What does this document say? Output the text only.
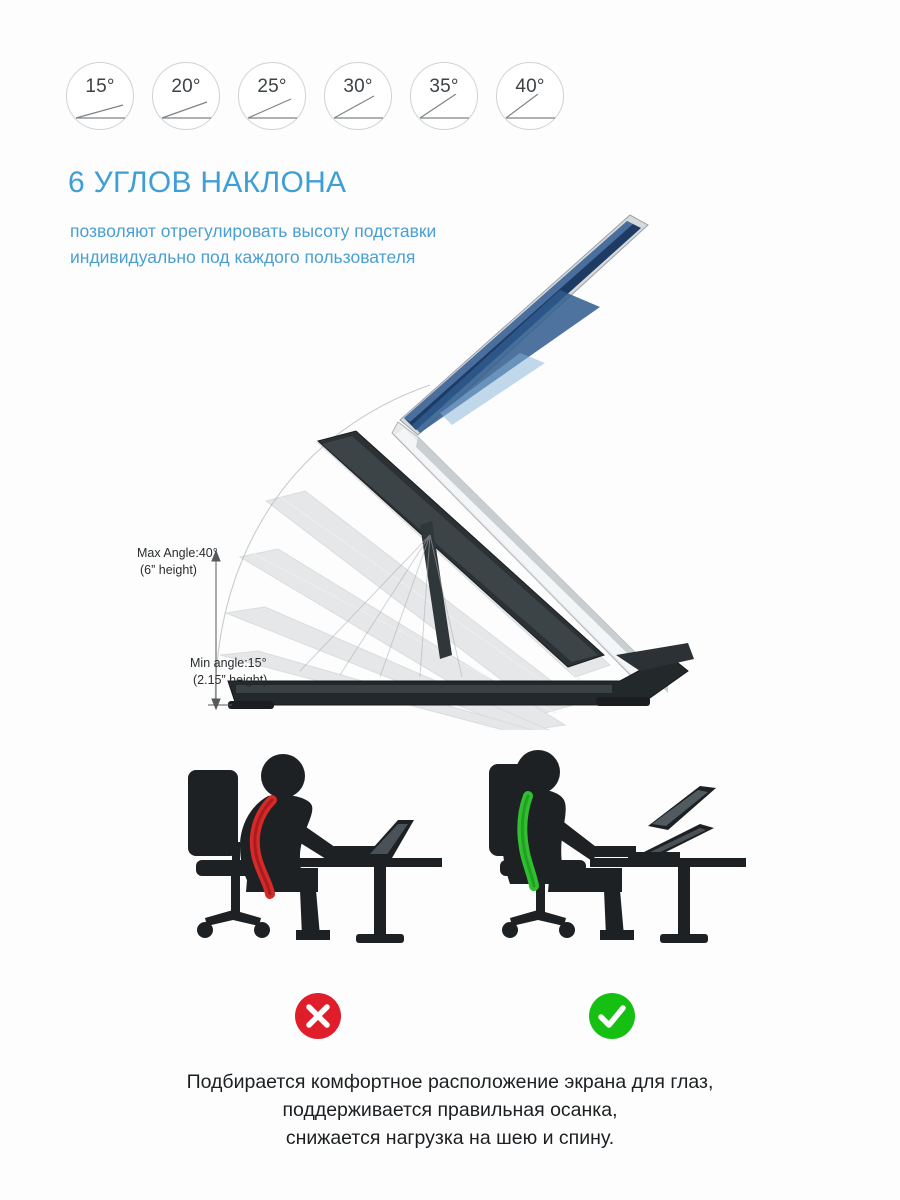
15°	20°	25°	30°	35°	40°
6 УГЛОВ НАКЛОНА
позволяют отрегулировать высоту подставки
индивидуально под каждого пользователя
Max Angle:40°
(6” height)
Min angle:15°
(2.15” height)
Подбирается комфортное расположение экрана для глаз,
поддерживается правильная осанка,
снижается нагрузка на шею и спину.
